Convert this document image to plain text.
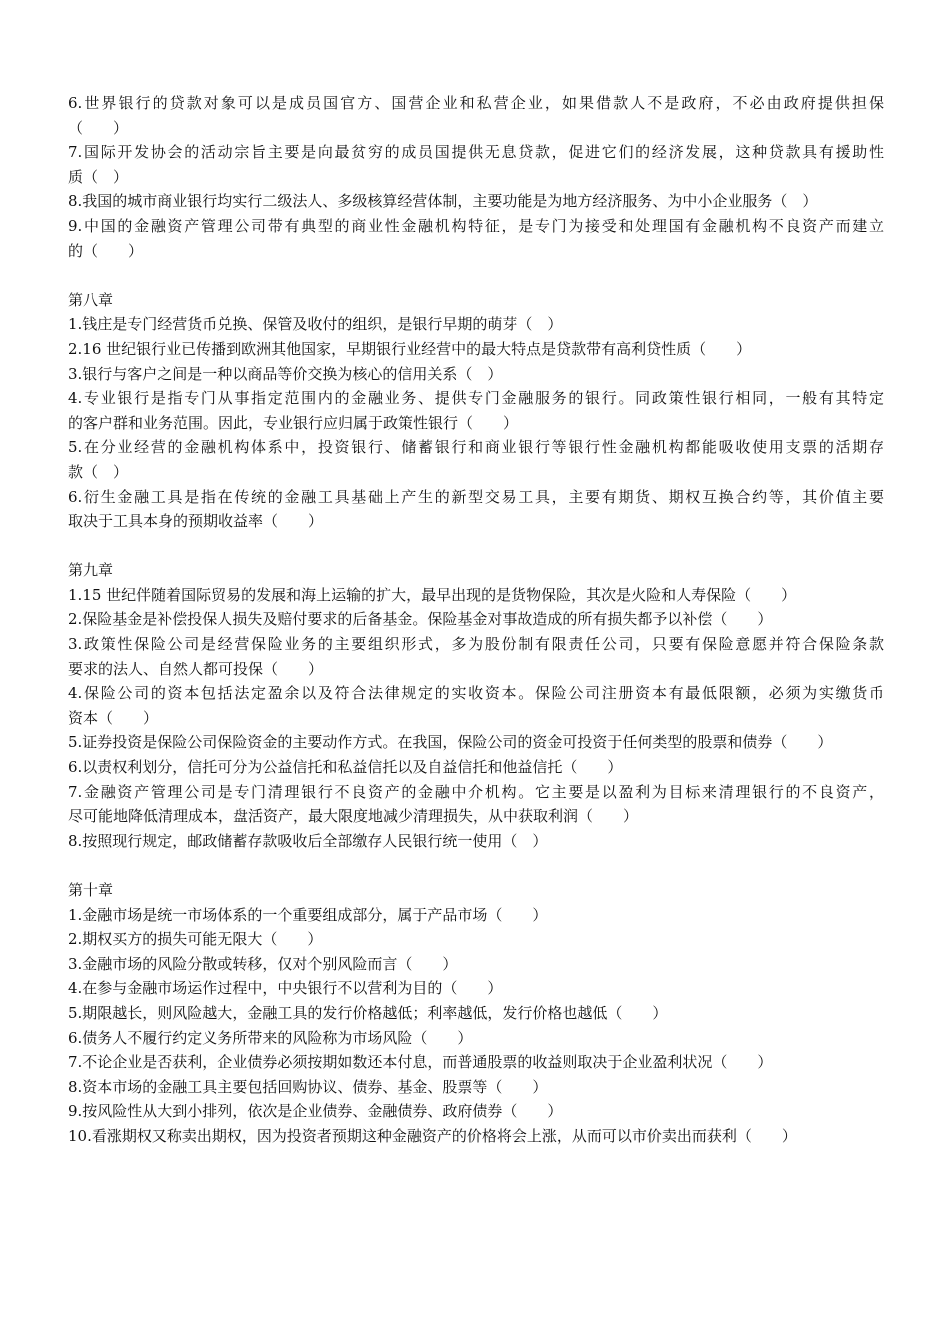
6.世界银行的贷款对象可以是成员国官方、国营企业和私营企业，如果借款人不是政府，不必由政府提供担保
（　　）
7.国际开发协会的活动宗旨主要是向最贫穷的成员国提供无息贷款，促进它们的经济发展，这种贷款具有援助性
质（　）
8.我国的城市商业银行均实行二级法人、多级核算经营体制，主要功能是为地方经济服务、为中小企业服务（　）
9.中国的金融资产管理公司带有典型的商业性金融机构特征，是专门为接受和处理国有金融机构不良资产而建立
的（　　）
第八章
1.钱庄是专门经营货币兑换、保管及收付的组织，是银行早期的萌芽（　）
2.16 世纪银行业已传播到欧洲其他国家，早期银行业经营中的最大特点是贷款带有高利贷性质（　　）
3.银行与客户之间是一种以商品等价交换为核心的信用关系（　）
4.专业银行是指专门从事指定范围内的金融业务、提供专门金融服务的银行。同政策性银行相同，一般有其特定
的客户群和业务范围。因此，专业银行应归属于政策性银行（　　）
5.在分业经营的金融机构体系中，投资银行、储蓄银行和商业银行等银行性金融机构都能吸收使用支票的活期存
款（　）
6.衍生金融工具是指在传统的金融工具基础上产生的新型交易工具，主要有期货、期权互换合约等，其价值主要
取决于工具本身的预期收益率（　　）
第九章
1.15 世纪伴随着国际贸易的发展和海上运输的扩大，最早出现的是货物保险，其次是火险和人寿保险（　　）
2.保险基金是补偿投保人损失及赔付要求的后备基金。保险基金对事故造成的所有损失都予以补偿（　　）
3.政策性保险公司是经营保险业务的主要组织形式，多为股份制有限责任公司，只要有保险意愿并符合保险条款
要求的法人、自然人都可投保（　　）
4.保险公司的资本包括法定盈余以及符合法律规定的实收资本。保险公司注册资本有最低限额，必须为实缴货币
资本（　　）
5.证券投资是保险公司保险资金的主要动作方式。在我国，保险公司的资金可投资于任何类型的股票和债券（　　）
6.以责权利划分，信托可分为公益信托和私益信托以及自益信托和他益信托（　　）
7.金融资产管理公司是专门清理银行不良资产的金融中介机构。它主要是以盈利为目标来清理银行的不良资产，
尽可能地降低清理成本，盘活资产，最大限度地减少清理损失，从中获取利润（　　）
8.按照现行规定，邮政储蓄存款吸收后全部缴存人民银行统一使用（　）
第十章
1.金融市场是统一市场体系的一个重要组成部分，属于产品市场（　　）
2.期权买方的损失可能无限大（　　）
3.金融市场的风险分散或转移，仅对个别风险而言（　　）
4.在参与金融市场运作过程中，中央银行不以营利为目的（　　）
5.期限越长，则风险越大，金融工具的发行价格越低；利率越低，发行价格也越低（　　）
6.债务人不履行约定义务所带来的风险称为市场风险（　　）
7.不论企业是否获利，企业债券必须按期如数还本付息，而普通股票的收益则取决于企业盈利状况（　　）
8.资本市场的金融工具主要包括回购协议、债券、基金、股票等（　　）
9.按风险性从大到小排列，依次是企业债券、金融债券、政府债券（　　）
10.看涨期权又称卖出期权，因为投资者预期这种金融资产的价格将会上涨，从而可以市价卖出而获利（　　）
